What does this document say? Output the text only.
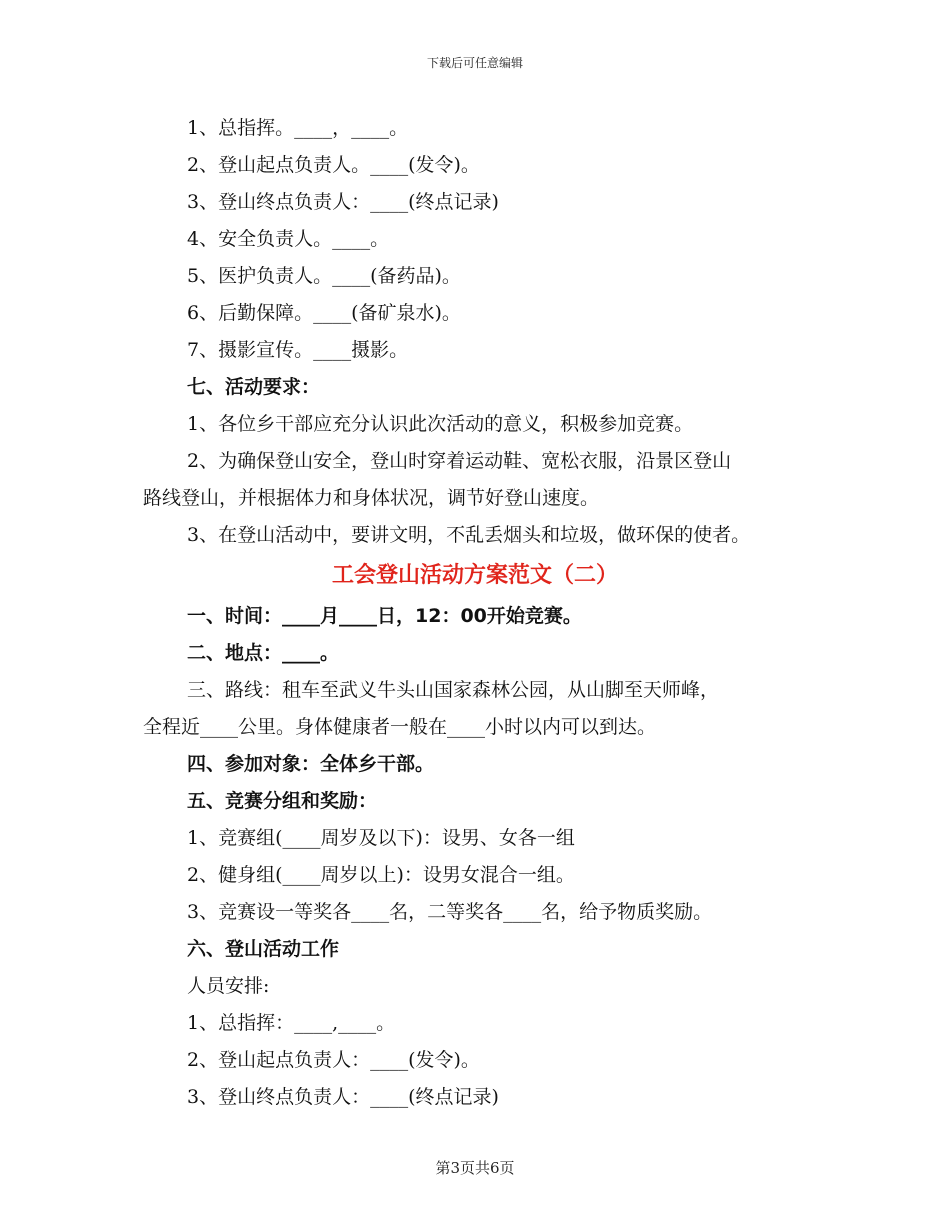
下载后可任意编辑
1、总指挥。____，____。
2、登山起点负责人。____(发令)。
3、登山终点负责人：____(终点记录)
4、安全负责人。____。
5、医护负责人。____(备药品)。
6、后勤保障。____(备矿泉水)。
7、摄影宣传。____摄影。
七、活动要求：
1、各位乡干部应充分认识此次活动的意义，积极参加竞赛。
2、为确保登山安全，登山时穿着运动鞋、宽松衣服，沿景区登山
路线登山，并根据体力和身体状况，调节好登山速度。
3、在登山活动中，要讲文明，不乱丢烟头和垃圾，做环保的使者。
工会登山活动方案范文（二）
一、时间：____月____日，12：00开始竞赛。
二、地点：____。
三、路线：租车至武义牛头山国家森林公园，从山脚至天师峰，
全程近____公里。身体健康者一般在____小时以内可以到达。
四、参加对象：全体乡干部。
五、竞赛分组和奖励：
1、竞赛组(____周岁及以下)：设男、女各一组
2、健身组(____周岁以上)：设男女混合一组。
3、竞赛设一等奖各____名，二等奖各____名，给予物质奖励。
六、登山活动工作
人员安排:
1、总指挥：____,____。
2、登山起点负责人：____(发令)。
3、登山终点负责人：____(终点记录)
第3页共6页
